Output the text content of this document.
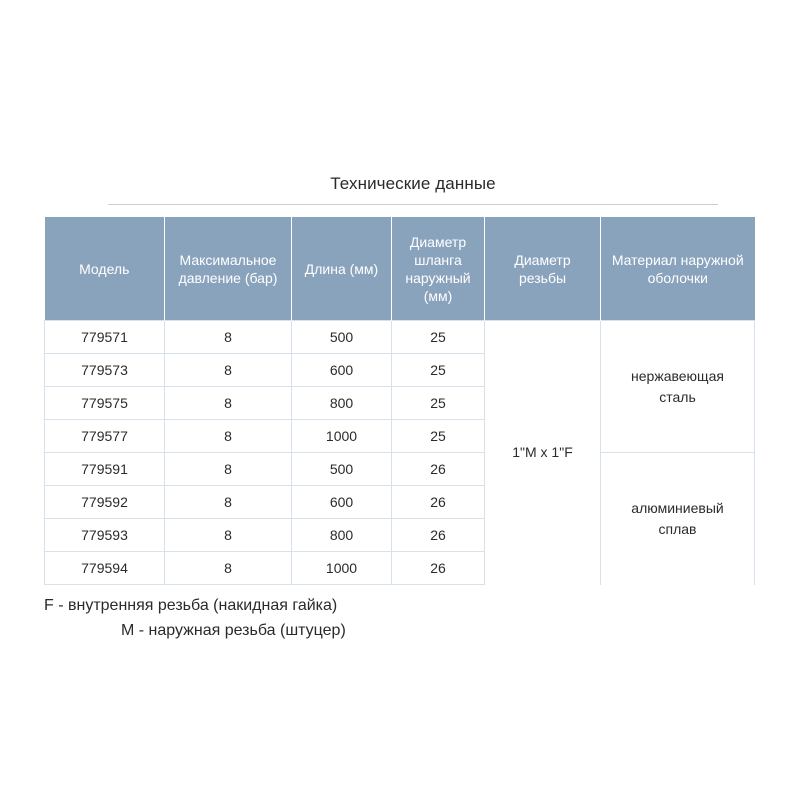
Технические данные
Модель	Максимальное давление (бар)	Длина (мм)	Диаметр шланга наружный (мм)	Диаметр резьбы	Материал наружной оболочки
779571	8	500	25	1"M x 1"F	нержавеющая сталь

779573	8	600	25		
779575	8	800	25		
779577	8	1000	25		
779591	8	500	26		алюминиевый сплав

779592	8	600	26		
779593	8	800	26		
779594	8	1000	26		
F - внутренняя резьба (накидная гайка)
M - наружная резьба (штуцер)
